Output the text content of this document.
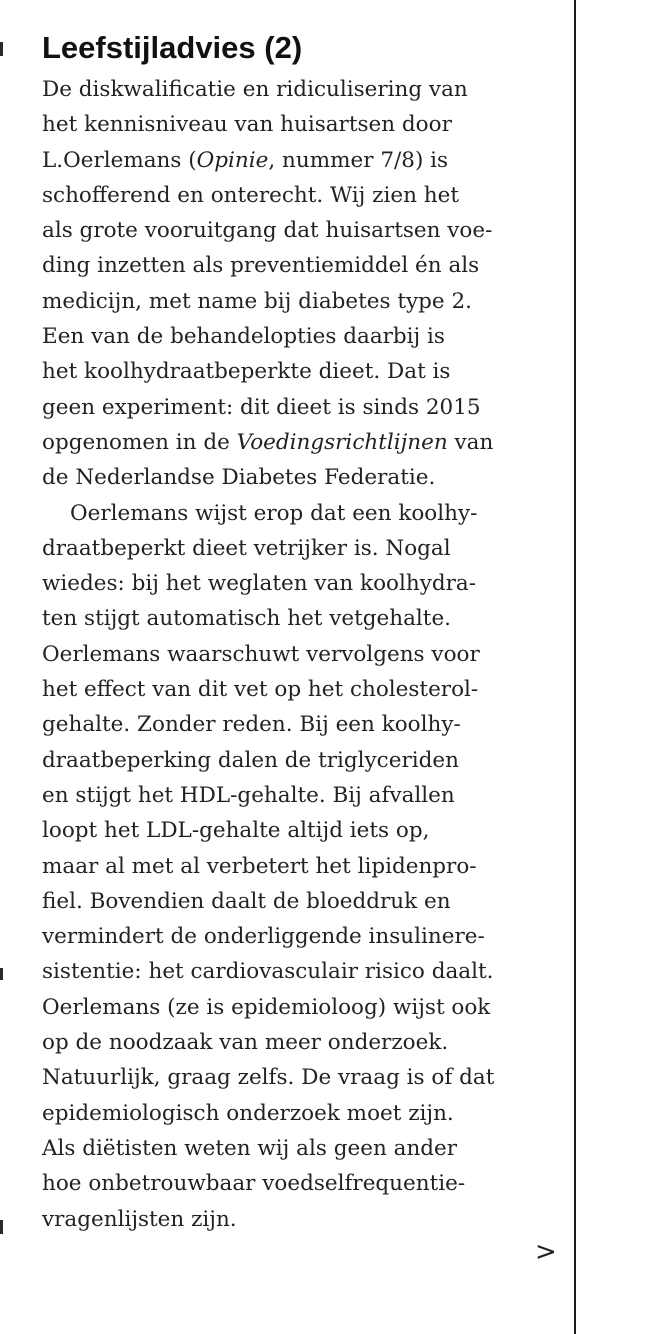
Leefstijladvies (2)
De diskwalificatie en ridiculisering van
het kennisniveau van huisartsen door
L.Oerlemans (Opinie, nummer 7/8) is
schofferend en onterecht. Wij zien het
als grote vooruitgang dat huisartsen voe-
ding inzetten als preventiemiddel én als
medicijn, met name bij diabetes type 2.
Een van de behandelopties daarbij is
het koolhydraatbeperkte dieet. Dat is
geen experiment: dit dieet is sinds 2015
opgenomen in de Voedingsrichtlijnen van
de Nederlandse Diabetes Federatie.
Oerlemans wijst erop dat een koolhy-
draatbeperkt dieet vetrijker is. Nogal
wiedes: bij het weglaten van koolhydra-
ten stijgt automatisch het vetgehalte.
Oerlemans waarschuwt vervolgens voor
het effect van dit vet op het cholesterol-
gehalte. Zonder reden. Bij een koolhy-
draatbeperking dalen de triglyceriden
en stijgt het HDL-gehalte. Bij afvallen
loopt het LDL-gehalte altijd iets op,
maar al met al verbetert het lipidenpro-
fiel. Bovendien daalt de bloeddruk en
vermindert de onderliggende insulinere-
sistentie: het cardiovasculair risico daalt.
Oerlemans (ze is epidemioloog) wijst ook
op de noodzaak van meer onderzoek.
Natuurlijk, graag zelfs. De vraag is of dat
epidemiologisch onderzoek moet zijn.
Als diëtisten weten wij als geen ander
hoe onbetrouwbaar voedselfrequentie-
vragenlijsten zijn.
>
